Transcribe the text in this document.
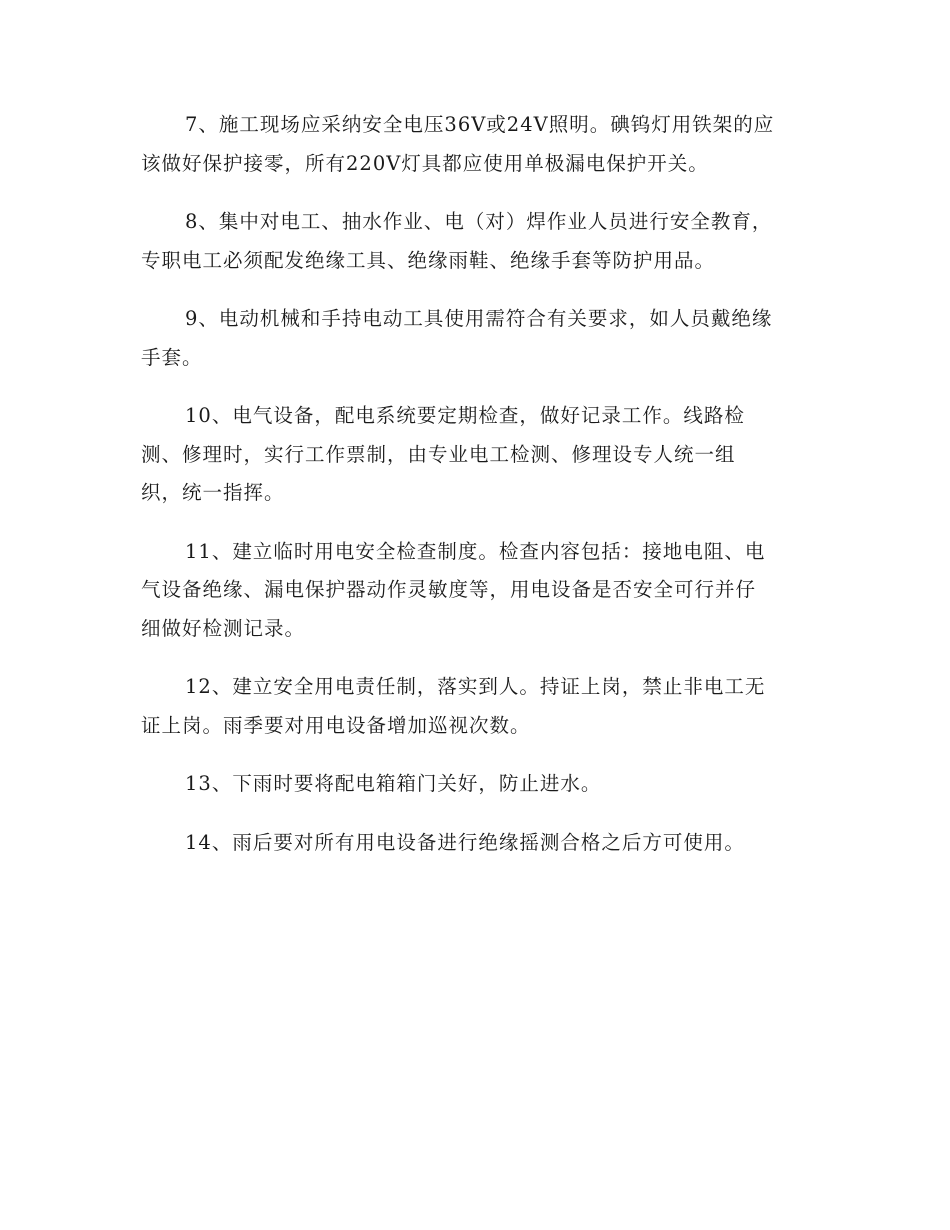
7、施工现场应采纳安全电压36V或24V照明。碘钨灯用铁架的应
该做好保护接零，所有220V灯具都应使用单极漏电保护开关。

8、集中对电工、抽水作业、电（对）焊作业人员进行安全教育，
专职电工必须配发绝缘工具、绝缘雨鞋、绝缘手套等防护用品。

9、电动机械和手持电动工具使用需符合有关要求，如人员戴绝缘
手套。

10、电气设备，配电系统要定期检查，做好记录工作。线路检
测、修理时，实行工作票制，由专业电工检测、修理设专人统一组
织，统一指挥。

11、建立临时用电安全检查制度。检查内容包括：接地电阻、电
气设备绝缘、漏电保护器动作灵敏度等，用电设备是否安全可行并仔
细做好检测记录。

12、建立安全用电责任制，落实到人。持证上岗，禁止非电工无
证上岗。雨季要对用电设备增加巡视次数。

13、下雨时要将配电箱箱门关好，防止进水。

14、雨后要对所有用电设备进行绝缘摇测合格之后方可使用。
